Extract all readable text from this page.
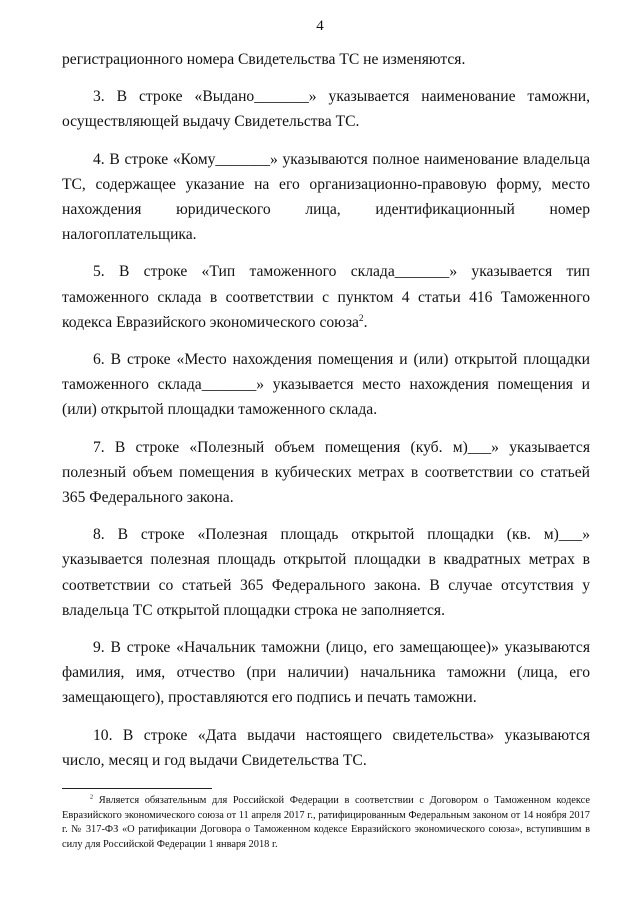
4

регистрационного номера Свидетельства ТС не изменяются.

3. В строке «Выдано_______» указывается наименование таможни, осуществляющей выдачу Свидетельства ТС.

4. В строке «Кому_______» указываются полное наименование владельца ТС, содержащее указание на его организационно-правовую форму, место нахождения юридического лица, идентификационный номер налогоплательщика.

5. В строке «Тип таможенного склада_______» указывается тип таможенного склада в соответствии с пунктом 4 статьи 416 Таможенного кодекса Евразийского экономического союза$^2$.

6. В строке «Место нахождения помещения и (или) открытой площадки таможенного склада_______» указывается место нахождения помещения и (или) открытой площадки таможенного склада.

7. В строке «Полезный объем помещения (куб. м)___» указывается полезный объем помещения в кубических метрах в соответствии со статьей 365 Федерального закона.

8. В строке «Полезная площадь открытой площадки (кв. м)___» указывается полезная площадь открытой площадки в квадратных метрах в соответствии со статьей 365 Федерального закона. В случае отсутствия у владельца ТС открытой площадки строка не заполняется.

9. В строке «Начальник таможни (лицо, его замещающее)» указываются фамилия, имя, отчество (при наличии) начальника таможни (лица, его замещающего), проставляются его подпись и печать таможни.

10. В строке «Дата выдачи настоящего свидетельства» указываются число, месяц и год выдачи Свидетельства ТС.

$^2$ Является обязательным для Российской Федерации в соответствии с Договором о Таможенном кодексе Евразийского экономического союза от 11 апреля 2017 г., ратифицированным Федеральным законом от 14 ноября 2017 г. № 317-ФЗ «О ратификации Договора о Таможенном кодексе Евразийского экономического союза», вступившим в силу для Российской Федерации 1 января 2018 г.
